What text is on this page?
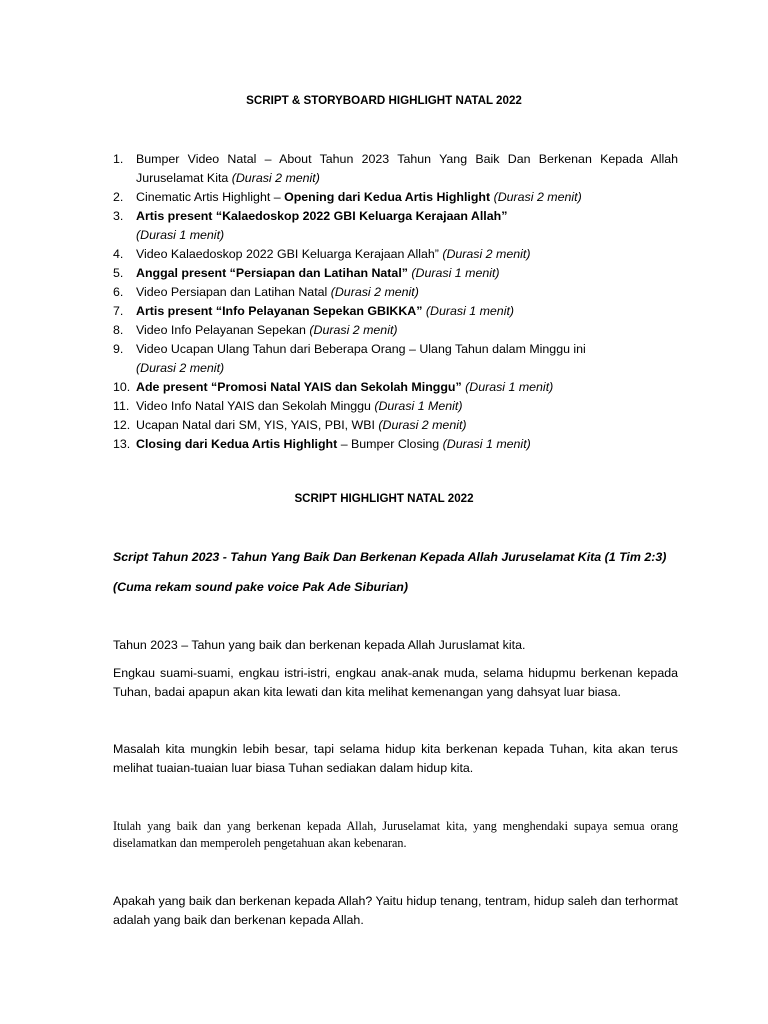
SCRIPT & STORYBOARD HIGHLIGHT NATAL 2022
1. Bumper Video Natal – About Tahun 2023 Tahun Yang Baik Dan Berkenan Kepada Allah Juruselamat Kita (Durasi 2 menit)
2. Cinematic Artis Highlight – Opening dari Kedua Artis Highlight (Durasi 2 menit)
3. Artis present “Kalaedoskop 2022 GBI Keluarga Kerajaan Allah”
(Durasi 1 menit)
4. Video Kalaedoskop 2022 GBI Keluarga Kerajaan Allah” (Durasi 2 menit)
5. Anggal present “Persiapan dan Latihan Natal” (Durasi 1 menit)
6. Video Persiapan dan Latihan Natal (Durasi 2 menit)
7. Artis present “Info Pelayanan Sepekan GBIKKA” (Durasi 1 menit)
8. Video Info Pelayanan Sepekan (Durasi 2 menit)
9. Video Ucapan Ulang Tahun dari Beberapa Orang – Ulang Tahun dalam Minggu ini
(Durasi 2 menit)
10. Ade present “Promosi Natal YAIS dan Sekolah Minggu” (Durasi 1 menit)
11. Video Info Natal YAIS dan Sekolah Minggu (Durasi 1 Menit)
12. Ucapan Natal dari SM, YIS, YAIS, PBI, WBI (Durasi 2 menit)
13. Closing dari Kedua Artis Highlight – Bumper Closing (Durasi 1 menit)
SCRIPT HIGHLIGHT NATAL 2022
Script Tahun 2023 - Tahun Yang Baik Dan Berkenan Kepada Allah Juruselamat Kita (1 Tim 2:3)
(Cuma rekam sound pake voice Pak Ade Siburian)

Tahun 2023 – Tahun yang baik dan berkenan kepada Allah Juruslamat kita.

Engkau suami-suami, engkau istri-istri, engkau anak-anak muda, selama hidupmu berkenan kepada Tuhan, badai apapun akan kita lewati dan kita melihat kemenangan yang dahsyat luar biasa.

Masalah kita mungkin lebih besar, tapi selama hidup kita berkenan kepada Tuhan, kita akan terus melihat tuaian-tuaian luar biasa Tuhan sediakan dalam hidup kita.

Itulah yang baik dan yang berkenan kepada Allah, Juruselamat kita, yang menghendaki supaya semua orang diselamatkan dan memperoleh pengetahuan akan kebenaran.

Apakah yang baik dan berkenan kepada Allah? Yaitu hidup tenang, tentram, hidup saleh dan terhormat adalah yang baik dan berkenan kepada Allah.
